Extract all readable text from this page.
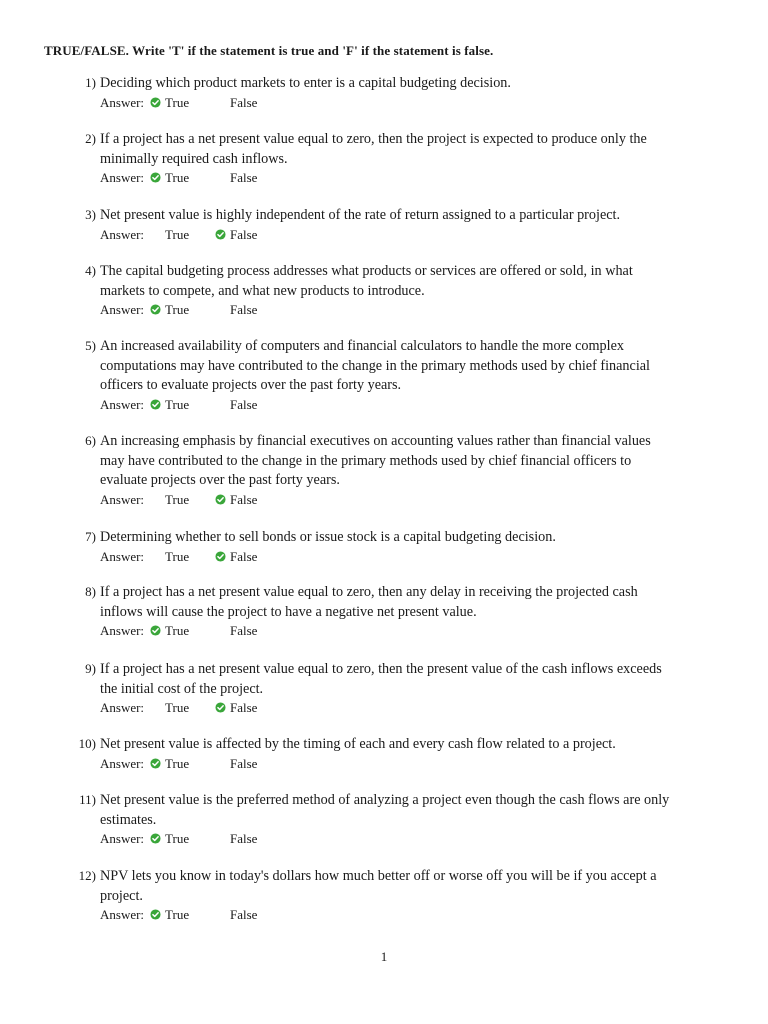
TRUE/FALSE. Write 'T' if the statement is true and 'F' if the statement is false.
1) Deciding which product markets to enter is a capital budgeting decision.
Answer: True	False
2) If a project has a net present value equal to zero, then the project is expected to produce only the
minimally required cash inflows.
Answer: True	False
3) Net present value is highly independent of the rate of return assigned to a particular project.
Answer: True	False
4) The capital budgeting process addresses what products or services are offered or sold, in what
markets to compete, and what new products to introduce.
Answer: True	False
5) An increased availability of computers and financial calculators to handle the more complex
computations may have contributed to the change in the primary methods used by chief financial
officers to evaluate projects over the past forty years.
Answer: True	False
6) An increasing emphasis by financial executives on accounting values rather than financial values
may have contributed to the change in the primary methods used by chief financial officers to
evaluate projects over the past forty years.
Answer: True	False
7) Determining whether to sell bonds or issue stock is a capital budgeting decision.
Answer: True	False
8) If a project has a net present value equal to zero, then any delay in receiving the projected cash
inflows will cause the project to have a negative net present value.
Answer: True	False
9) If a project has a net present value equal to zero, then the present value of the cash inflows exceeds
the initial cost of the project.
Answer: True	False
10) Net present value is affected by the timing of each and every cash flow related to a project.
Answer: True	False
11) Net present value is the preferred method of analyzing a project even though the cash flows are only
estimates.
Answer: True	False
12) NPV lets you know in today's dollars how much better off or worse off you will be if you accept a
project.
Answer: True	False
1
